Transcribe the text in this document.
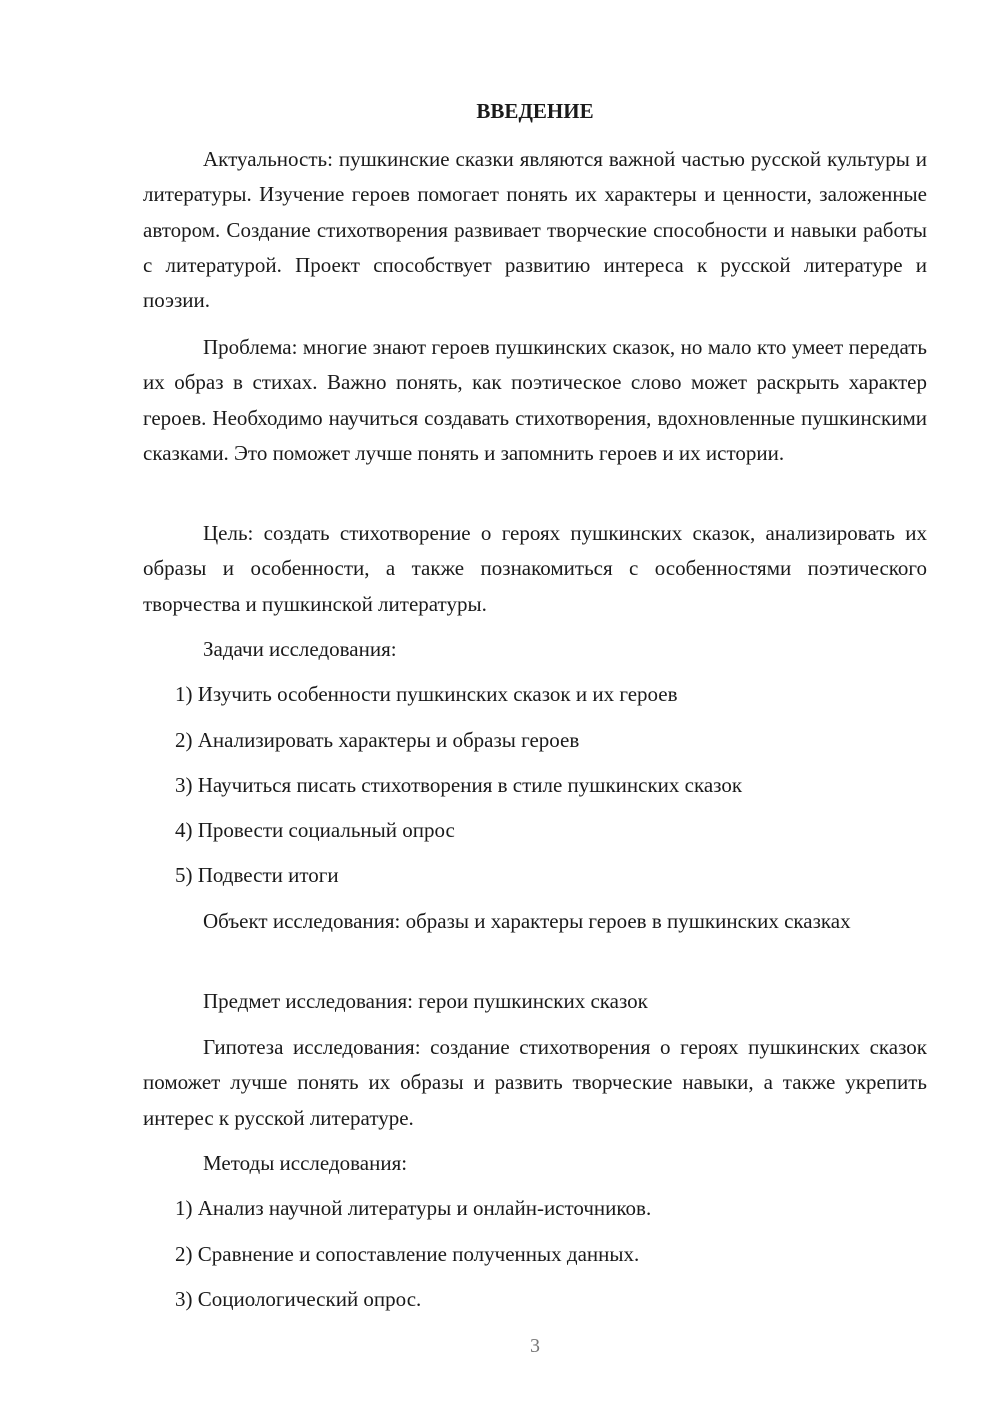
ВВЕДЕНИЕ

Актуальность: пушкинские сказки являются важной частью русской культуры и литературы. Изучение героев помогает понять их характеры и ценности, заложенные автором. Создание стихотворения развивает творческие способности и навыки работы с литературой. Проект способствует развитию интереса к русской литературе и поэзии.

Проблема: многие знают героев пушкинских сказок, но мало кто умеет передать их образ в стихах. Важно понять, как поэтическое слово может раскрыть характер героев. Необходимо научиться создавать стихотворения, вдохновленные пушкинскими сказками. Это поможет лучше понять и запомнить героев и их истории.

Цель: создать стихотворение о героях пушкинских сказок, анализировать их образы и особенности, а также познакомиться с особенностями поэтического творчества и пушкинской литературы.

Задачи исследования:

1) Изучить особенности пушкинских сказок и их героев

2) Анализировать характеры и образы героев

3) Научиться писать стихотворения в стиле пушкинских сказок

4) Провести социальный опрос

5) Подвести итоги

Объект исследования: образы и характеры героев в пушкинских сказках

Предмет исследования: герои пушкинских сказок

Гипотеза исследования: создание стихотворения о героях пушкинских сказок поможет лучше понять их образы и развить творческие навыки, а также укрепить интерес к русской литературе.

Методы исследования:

1) Анализ научной литературы и онлайн-источников.

2) Сравнение и сопоставление полученных данных.

3) Социологический опрос.

3
